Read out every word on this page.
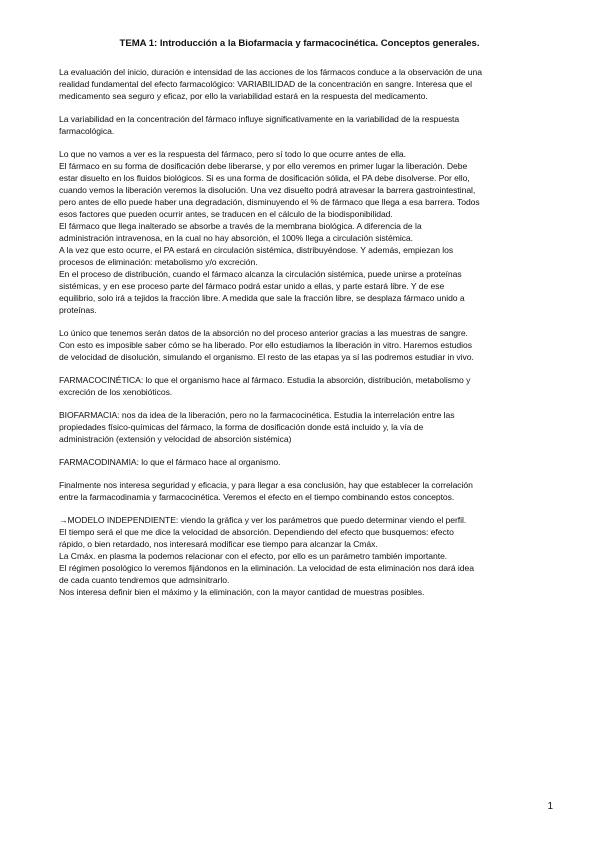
TEMA 1: Introducción a la Biofarmacia y farmacocinética. Conceptos generales.

La evaluación del inicio, duración e intensidad de las acciones de los fármacos conduce a la observación de una
realidad fundamental del efecto farmacológico: VARIABILIDAD de la concentración en sangre. Interesa que el
medicamento sea seguro y eficaz, por ello la variabilidad estará en la respuesta del medicamento.

La variabilidad en la concentración del fármaco influye significativamente en la variabilidad de la respuesta
farmacológica.

Lo que no vamos a ver es la respuesta del fármaco, pero sí todo lo que ocurre antes de ella.
El fármaco en su forma de dosificación debe liberarse, y por ello veremos en primer lugar la liberación. Debe
estar disuelto en los fluidos biológicos. Si es una forma de dosificación sólida, el PA debe disolverse. Por ello,
cuando vemos la liberación veremos la disolución. Una vez disuelto podrá atravesar la barrera gastrointestinal,
pero antes de ello puede haber una degradación, disminuyendo el % de fármaco que llega a esa barrera. Todos
esos factores que pueden ocurrir antes, se traducen en el cálculo de la biodisponibilidad.
El fármaco que llega inalterado se absorbe a través de la membrana biológica. A diferencia de la
administración intravenosa, en la cual no hay absorción, el 100% llega a circulación sistémica.
A la vez que esto ocurre, el PA estará en circulación sistémica, distribuyéndose. Y además, empiezan los
procesos de eliminación: metabolismo y/o excreción.
En el proceso de distribución, cuando el fármaco alcanza la circulación sistémica, puede unirse a proteínas
sistémicas, y en ese proceso parte del fármaco podrá estar unido a ellas, y parte estará libre. Y de ese
equilibrio, solo irá a tejidos la fracción libre. A medida que sale la fracción libre, se desplaza fármaco unido a
proteínas.

Lo único que tenemos serán datos de la absorción no del proceso anterior gracias a las muestras de sangre.
Con esto es imposible saber cómo se ha liberado. Por ello estudiamos la liberación in vitro. Haremos estudios
de velocidad de disolución, simulando el organismo. El resto de las etapas ya sí las podremos estudiar in vivo.

FARMACOCINÉTICA: lo que el organismo hace al fármaco. Estudia la absorción, distribución, metabolismo y
excreción de los xenobióticos.

BIOFARMACIA: nos da idea de la liberación, pero no la farmacocinética. Estudia la interrelación entre las
propiedades físico-químicas del fármaco, la forma de dosificación donde está incluido y, la vía de
administración (extensión y velocidad de absorción sistémica)

FARMACODINAMIA: lo que el fármaco hace al organismo.

Finalmente nos interesa seguridad y eficacia, y para llegar a esa conclusión, hay que establecer la correlación
entre la farmacodinamia y farmacocinética. Veremos el efecto en el tiempo combinando estos conceptos.

→MODELO INDEPENDIENTE: viendo la gráfica y ver los parámetros que puedo determinar viendo el perfil.
El tiempo será el que me dice la velocidad de absorción. Dependiendo del efecto que busquemos: efecto
rápido, o bien retardado, nos interesará modificar ese tiempo para alcanzar la Cmáx.
La Cmáx. en plasma la podemos relacionar con el efecto, por ello es un parámetro también importante.
El régimen posológico lo veremos fijándonos en la eliminación. La velocidad de esta eliminación nos dará idea
de cada cuanto tendremos que admsinitrarlo.
Nos interesa definir bien el máximo y la eliminación, con la mayor cantidad de muestras posibles.

1
